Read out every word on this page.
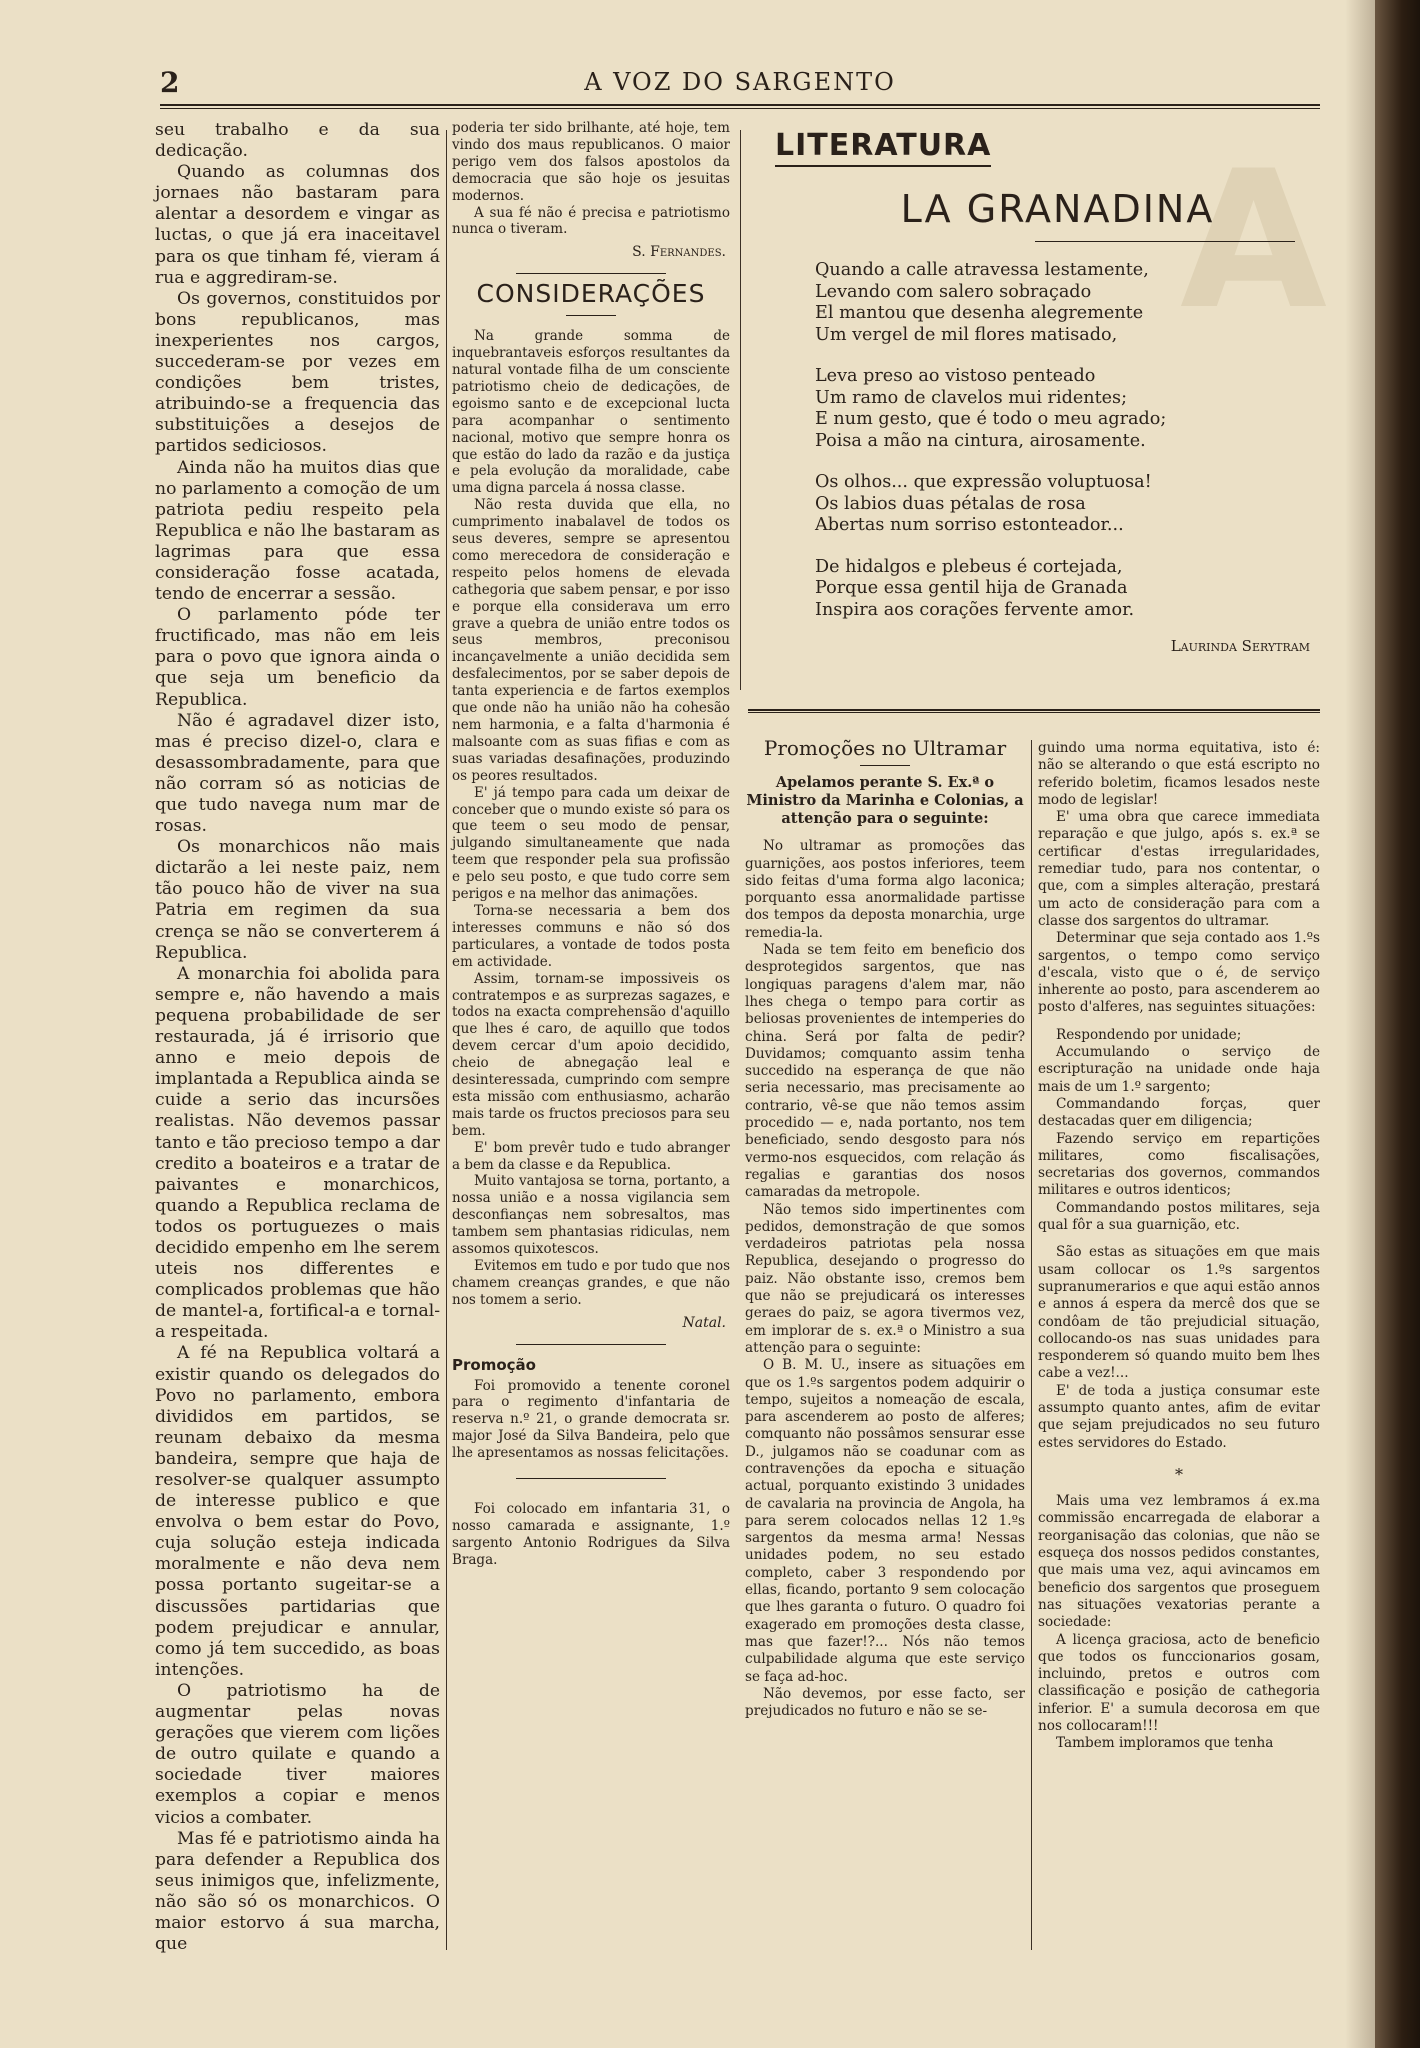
A
2	A VOZ DO SARGENTO

seu trabalho e da sua dedicação.

Quando as columnas dos jornaes não bastaram para alentar a desordem e vingar as luctas, o que já era inaceitavel para os que tinham fé, vieram á rua e aggrediram-se.

Os governos, constituidos por bons republicanos, mas inexperientes nos cargos, succederam-se por vezes em condições bem tristes, atribuindo-se a frequencia das substituições a desejos de partidos sediciosos.

Ainda não ha muitos dias que no parlamento a comoção de um patriota pediu respeito pela Republica e não lhe bastaram as lagrimas para que essa consideração fosse acatada, tendo de encerrar a sessão.

O parlamento póde ter fructificado, mas não em leis para o povo que ignora ainda o que seja um beneficio da Republica.

Não é agradavel dizer isto, mas é preciso dizel-o, clara e desassombradamente, para que não corram só as noticias de que tudo navega num mar de rosas.

Os monarchicos não mais dictarão a lei neste paiz, nem tão pouco hão de viver na sua Patria em regimen da sua crença se não se converterem á Republica.

A monarchia foi abolida para sempre e, não havendo a mais pequena probabilidade de ser restaurada, já é irrisorio que anno e meio depois de implantada a Republica ainda se cuide a serio das incursões realistas. Não devemos passar tanto e tão precioso tempo a dar credito a boateiros e a tratar de paivantes e monarchicos, quando a Republica reclama de todos os portuguezes o mais decidido empenho em lhe serem uteis nos differentes e complicados problemas que hão de mantel-a, fortifical-a e tornal-a respeitada.

A fé na Republica voltará a existir quando os delegados do Povo no parlamento, embora divididos em partidos, se reunam debaixo da mesma bandeira, sempre que haja de resolver-se qualquer assumpto de interesse publico e que envolva o bem estar do Povo, cuja solução esteja indicada moralmente e não deva nem possa portanto sugeitar-se a discussões partidarias que podem prejudicar e annular, como já tem succedido, as boas intenções.

O patriotismo ha de augmentar pelas novas gerações que vierem com lições de outro quilate e quando a sociedade tiver maiores exemplos a copiar e menos vicios a combater.

Mas fé e patriotismo ainda ha para defender a Republica dos seus inimigos que, infelizmente, não são só os monarchicos. O maior estorvo á sua marcha, que

poderia ter sido brilhante, até hoje, tem vindo dos maus republicanos. O maior perigo vem dos falsos apostolos da democracia que são hoje os jesuitas modernos.

A sua fé não é precisa e patriotismo nunca o tiveram.

S. Fernandes.
CONSIDERAÇÕES

Na grande somma de inquebrantaveis esforços resultantes da natural vontade filha de um consciente patriotismo cheio de dedicações, de egoismo santo e de excepcional lucta para acompanhar o sentimento nacional, motivo que sempre honra os que estão do lado da razão e da justiça e pela evolução da moralidade, cabe uma digna parcela á nossa classe.

Não resta duvida que ella, no cumprimento inabalavel de todos os seus deveres, sempre se apresentou como merecedora de consideração e respeito pelos homens de elevada cathegoria que sabem pensar, e por isso e porque ella considerava um erro grave a quebra de união entre todos os seus membros, preconisou incançavelmente a união decidida sem desfalecimentos, por se saber depois de tanta experiencia e de fartos exemplos que onde não ha união não ha cohesão nem harmonia, e a falta d'harmonia é malsoante com as suas fifias e com as suas variadas desafinações, produzindo os peores resultados.

E' já tempo para cada um deixar de conceber que o mundo existe só para os que teem o seu modo de pensar, julgando simultaneamente que nada teem que responder pela sua profissão e pelo seu posto, e que tudo corre sem perigos e na melhor das animações.

Torna-se necessaria a bem dos interesses communs e não só dos particulares, a vontade de todos posta em actividade.

Assim, tornam-se impossiveis os contratempos e as surprezas sagazes, e todos na exacta comprehensão d'aquillo que lhes é caro, de aquillo que todos devem cercar d'um apoio decidido, cheio de abnegação leal e desinteressada, cumprindo com sempre esta missão com enthusiasmo, acharão mais tarde os fructos preciosos para seu bem.

E' bom prevêr tudo e tudo abranger a bem da classe e da Republica.

Muito vantajosa se torna, portanto, a nossa união e a nossa vigilancia sem desconfianças nem sobresaltos, mas tambem sem phantasias ridiculas, nem assomos quixotescos.

Evitemos em tudo e por tudo que nos chamem creanças grandes, e que não nos tomem a serio.

Natal.
Promoção

Foi promovido a tenente coronel para o regimento d'infantaria de reserva n.º 21, o grande democrata sr. major José da Silva Bandeira, pelo que lhe apresentamos as nossas felicitações.

Foi colocado em infantaria 31, o nosso camarada e assignante, 1.º sargento Antonio Rodrigues da Silva Braga.

LITERATURA
LA GRANADINA
Quando a calle atravessa lestamente,
Levando com salero sobraçado
El mantou que desenha alegremente
Um vergel de mil flores matisado,
Leva preso ao vistoso penteado
Um ramo de clavelos mui ridentes;
E num gesto, que é todo o meu agrado;
Poisa a mão na cintura, airosamente.
Os olhos... que expressão voluptuosa!
Os labios duas pétalas de rosa
Abertas num sorriso estonteador...
De hidalgos e plebeus é cortejada,
Porque essa gentil hija de Granada
Inspira aos corações fervente amor.
Laurinda Serytram
Promoções no Ultramar
Apelamos perante S. Ex.ª o Ministro da Marinha e Colonias, a attenção para o seguinte:

No ultramar as promoções das guarnições, aos postos inferiores, teem sido feitas d'uma forma algo laconica; porquanto essa anormalidade partisse dos tempos da deposta monarchia, urge remedia-la.

Nada se tem feito em beneficio dos desprotegidos sargentos, que nas longiquas paragens d'alem mar, não lhes chega o tempo para cortir as beliosas provenientes de intemperies do china. Será por falta de pedir? Duvidamos; comquanto assim tenha succedido na esperança de que não seria necessario, mas precisamente ao contrario, vê-se que não temos assim procedido — e, nada portanto, nos tem beneficiado, sendo desgosto para nós vermo-nos esquecidos, com relação ás regalias e garantias dos nosos camaradas da metropole.

Não temos sido impertinentes com pedidos, demonstração de que somos verdadeiros patriotas pela nossa Republica, desejando o progresso do paiz. Não obstante isso, cremos bem que não se prejudicará os interesses geraes do paiz, se agora tivermos vez, em implorar de s. ex.ª o Ministro a sua attenção para o seguinte:

O B. M. U., insere as situações em que os 1.ºs sargentos podem adquirir o tempo, sujeitos a nomeação de escala, para ascenderem ao posto de alferes; comquanto não possâmos sensurar esse D., julgamos não se coadunar com as contravenções da epocha e situação actual, porquanto existindo 3 unidades de cavalaria na provincia de Angola, ha para serem colocados nellas 12 1.ºs sargentos da mesma arma! Nessas unidades podem, no seu estado completo, caber 3 respondendo por ellas, ficando, portanto 9 sem colocação que lhes garanta o futuro. O quadro foi exagerado em promoções desta classe, mas que fazer!?... Nós não temos culpabilidade alguma que este serviço se faça ad-hoc.

Não devemos, por esse facto, ser prejudicados no futuro e não se se-

guindo uma norma equitativa, isto é: não se alterando o que está escripto no referido boletim, ficamos lesados neste modo de legislar!

E' uma obra que carece immediata reparação e que julgo, após s. ex.ª se certificar d'estas irregularidades, remediar tudo, para nos contentar, o que, com a simples alteração, prestará um acto de consideração para com a classe dos sargentos do ultramar.

Determinar que seja contado aos 1.ºs sargentos, o tempo como serviço d'escala, visto que o é, de serviço inherente ao posto, para ascenderem ao posto d'alferes, nas seguintes situações:

Respondendo por unidade;

Accumulando o serviço de escripturação na unidade onde haja mais de um 1.º sargento;

Commandando forças, quer destacadas quer em diligencia;

Fazendo serviço em repartições militares, como fiscalisações, secretarias dos governos, commandos militares e outros identicos;

Commandando postos militares, seja qual fôr a sua guarnição, etc.

São estas as situações em que mais usam collocar os 1.ºs sargentos supranumerarios e que aqui estão annos e annos á espera da mercê dos que se condôam de tão prejudicial situação, collocando-os nas suas unidades para responderem só quando muito bem lhes cabe a vez!...

E' de toda a justiça consumar este assumpto quanto antes, afim de evitar que sejam prejudicados no seu futuro estes servidores do Estado.

*

Mais uma vez lembramos á ex.ma commissão encarregada de elaborar a reorganisação das colonias, que não se esqueça dos nossos pedidos constantes, que mais uma vez, aqui avincamos em beneficio dos sargentos que proseguem nas situações vexatorias perante a sociedade:

A licença graciosa, acto de beneficio que todos os funccionarios gosam, incluindo, pretos e outros com classificação e posição de cathegoria inferior. E' a sumula decorosa em que nos collocaram!!!

Tambem imploramos que tenha
